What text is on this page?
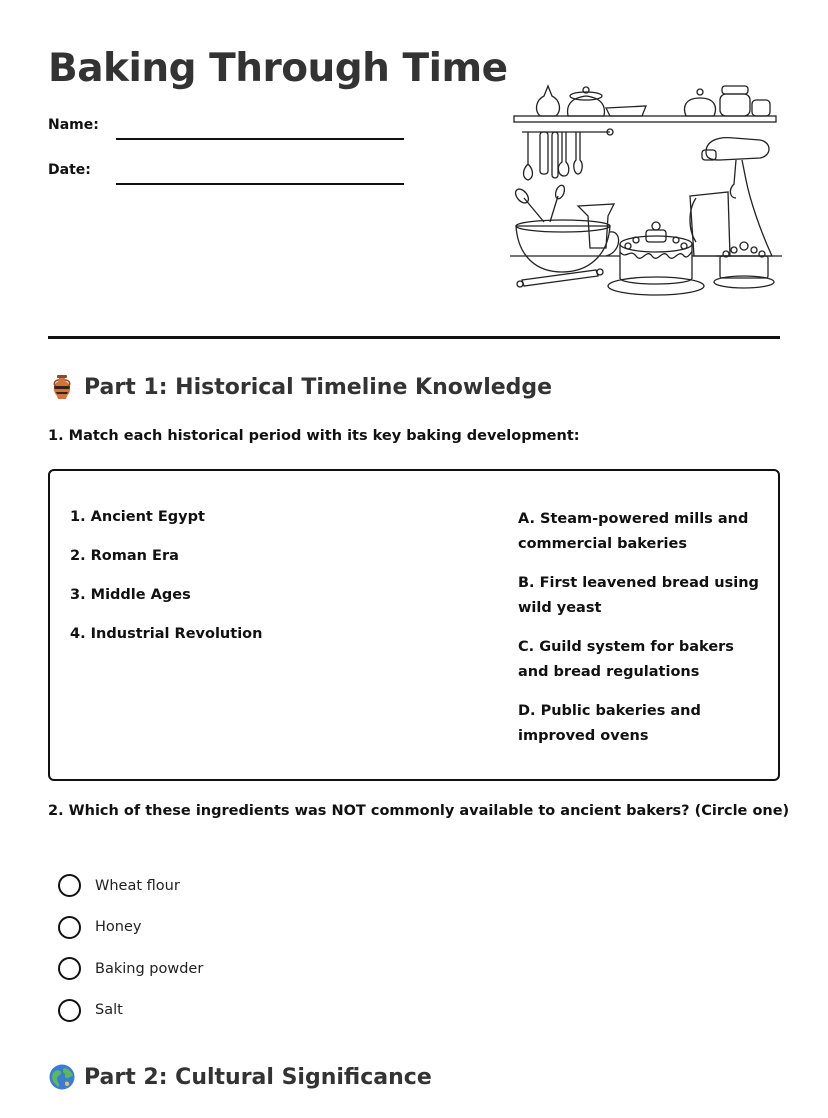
Baking Through Time
Name:
Date:
Part 1: Historical Timeline Knowledge
1. Match each historical period with its key baking development:
1. Ancient Egypt
2. Roman Era
3. Middle Ages
4. Industrial Revolution
A. Steam-powered mills and commercial bakeries
B. First leavened bread using wild yeast
C. Guild system for bakers and bread regulations
D. Public bakeries and improved ovens
2. Which of these ingredients was NOT commonly available to ancient bakers? (Circle one)
Wheat flour
Honey
Baking powder
Salt
Part 2: Cultural Significance
